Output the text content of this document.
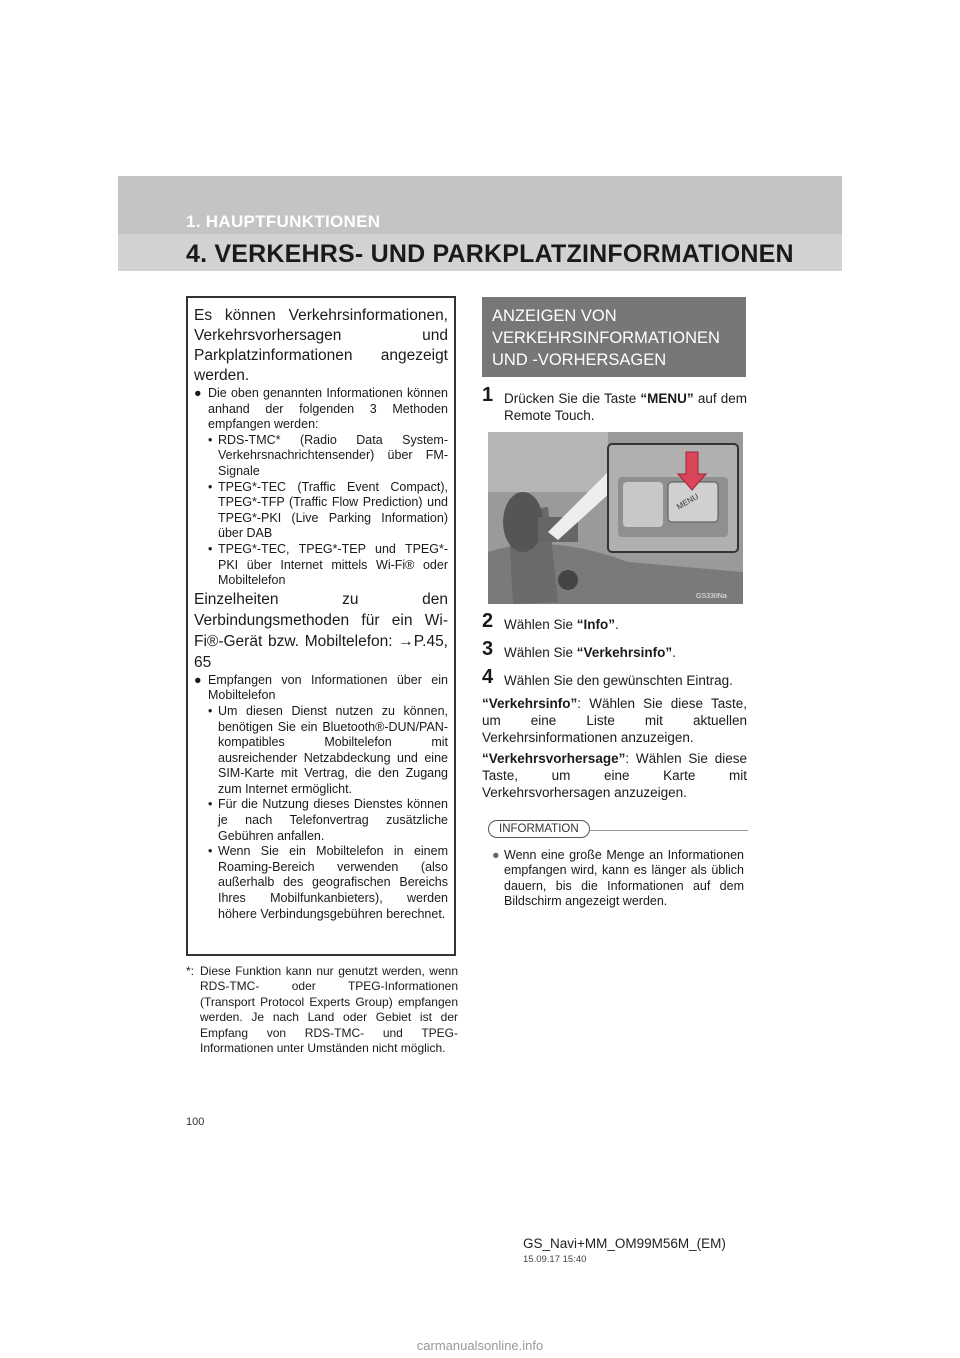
1. HAUPTFUNKTIONEN
4. VERKEHRS- UND PARKPLATZINFORMATIONEN

Es können Verkehrsinformationen, Verkehrsvorhersagen und Parkplatzinformationen angezeigt werden.

● Die oben genannten Informationen können anhand der folgenden 3 Methoden empfangen werden:

• RDS-TMC* (Radio Data System-Verkehrsnachrichtensender) über FM-Signale

• TPEG*-TEC (Traffic Event Compact), TPEG*-TFP (Traffic Flow Prediction) und TPEG*-PKI (Live Parking Information) über DAB

• TPEG*-TEC, TPEG*-TEP und TPEG*-PKI über Internet mittels Wi-Fi® oder Mobiltelefon

Einzelheiten zu den Verbindungsmethoden für ein Wi-Fi®-Gerät bzw. Mobiltelefon: →P.45, 65

● Empfangen von Informationen über ein Mobiltelefon

• Um diesen Dienst nutzen zu können, benötigen Sie ein Bluetooth®-DUN/PAN-kompatibles Mobiltelefon mit ausreichender Netzabdeckung und eine SIM-Karte mit Vertrag, die den Zugang zum Internet ermöglicht.

• Für die Nutzung dieses Dienstes können je nach Telefonvertrag zusätzliche Gebühren anfallen.

• Wenn Sie ein Mobiltelefon in einem Roaming-Bereich verwenden (also außerhalb des geografischen Bereichs Ihres Mobilfunkanbieters), werden höhere Verbindungsgebühren berechnet.

*: Diese Funktion kann nur genutzt werden, wenn RDS-TMC- oder TPEG-Informationen (Transport Protocol Experts Group) empfangen werden. Je nach Land oder Gebiet ist der Empfang von RDS-TMC- und TPEG-Informationen unter Umständen nicht möglich.
ANZEIGEN VON VERKEHRSINFORMATIONEN UND -VORHERSAGEN
1 Drücken Sie die Taste “MENU” auf dem Remote Touch.
MENU
GS33IINa
2 Wählen Sie “Info”.
3 Wählen Sie “Verkehrsinfo”.
4 Wählen Sie den gewünschten Eintrag.
“Verkehrsinfo”: Wählen Sie diese Taste, um eine Liste mit aktuellen Verkehrsinformationen anzuzeigen.
“Verkehrsvorhersage”: Wählen Sie diese Taste, um eine Karte mit Verkehrsvorhersagen anzuzeigen.
INFORMATION
● Wenn eine große Menge an Informationen empfangen wird, kann es länger als üblich dauern, bis die Informationen auf dem Bildschirm angezeigt werden.
100
GS_Navi+MM_OM99M56M_(EM)
15.09.17 15:40
carmanualsonline.info
